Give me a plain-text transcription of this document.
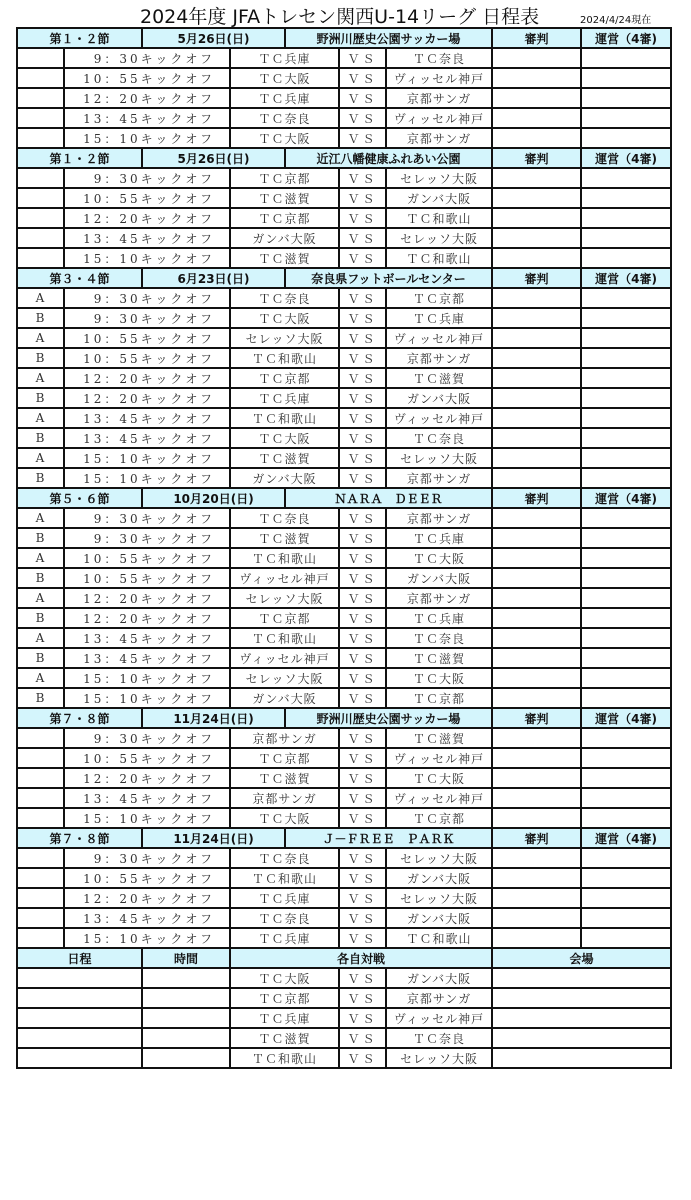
2024年度 JFAトレセン関西U-14リーグ 日程表	2024/4/24現在
第１・２節		5月26日(日)		野洲川歴史公園サッカー場			審判	運営（4審)
	9：30キックオフ		ＴＣ兵庫		ＶＳ	ＴＣ奈良		
	10：55キックオフ		ＴＣ大阪		ＶＳ	ヴィッセル神戸		
	12：20キックオフ		ＴＣ兵庫		ＶＳ	京都サンガ		
	13：45キックオフ		ＴＣ奈良		ＶＳ	ヴィッセル神戸		
	15：10キックオフ		ＴＣ大阪		ＶＳ	京都サンガ		
第１・２節		5月26日(日)		近江八幡健康ふれあい公園			審判	運営（4審)
	9：30キックオフ		ＴＣ京都		ＶＳ	セレッソ大阪		
	10：55キックオフ		ＴＣ滋賀		ＶＳ	ガンバ大阪		
	12：20キックオフ		ＴＣ京都		ＶＳ	ＴＣ和歌山		
	13：45キックオフ		ガンバ大阪		ＶＳ	セレッソ大阪		
	15：10キックオフ		ＴＣ滋賀		ＶＳ	ＴＣ和歌山		
第３・４節		6月23日(日)		奈良県フットボールセンター			審判	運営（4審)
A	9：30キックオフ		ＴＣ奈良		ＶＳ	ＴＣ京都		
B	9：30キックオフ		ＴＣ大阪		ＶＳ	ＴＣ兵庫		
A	10：55キックオフ		セレッソ大阪		ＶＳ	ヴィッセル神戸		
B	10：55キックオフ		ＴＣ和歌山		ＶＳ	京都サンガ		
A	12：20キックオフ		ＴＣ京都		ＶＳ	ＴＣ滋賀		
B	12：20キックオフ		ＴＣ兵庫		ＶＳ	ガンバ大阪		
A	13：45キックオフ		ＴＣ和歌山		ＶＳ	ヴィッセル神戸		
B	13：45キックオフ		ＴＣ大阪		ＶＳ	ＴＣ奈良		
A	15：10キックオフ		ＴＣ滋賀		ＶＳ	セレッソ大阪		
B	15：10キックオフ		ガンバ大阪		ＶＳ	京都サンガ		
第５・６節		10月20日(日)		ＮＡＲＡ　ＤＥＥＲ			審判	運営（4審)
A	9：30キックオフ		ＴＣ奈良		ＶＳ	京都サンガ		
B	9：30キックオフ		ＴＣ滋賀		ＶＳ	ＴＣ兵庫		
A	10：55キックオフ		ＴＣ和歌山		ＶＳ	ＴＣ大阪		
B	10：55キックオフ		ヴィッセル神戸		ＶＳ	ガンバ大阪		
A	12：20キックオフ		セレッソ大阪		ＶＳ	京都サンガ		
B	12：20キックオフ		ＴＣ京都		ＶＳ	ＴＣ兵庫		
A	13：45キックオフ		ＴＣ和歌山		ＶＳ	ＴＣ奈良		
B	13：45キックオフ		ヴィッセル神戸		ＶＳ	ＴＣ滋賀		
A	15：10キックオフ		セレッソ大阪		ＶＳ	ＴＣ大阪		
B	15：10キックオフ		ガンバ大阪		ＶＳ	ＴＣ京都		
第７・８節		11月24日(日)		野洲川歴史公園サッカー場			審判	運営（4審)
	9：30キックオフ		京都サンガ		ＶＳ	ＴＣ滋賀		
	10：55キックオフ		ＴＣ京都		ＶＳ	ヴィッセル神戸		
	12：20キックオフ		ＴＣ滋賀		ＶＳ	ＴＣ大阪		
	13：45キックオフ		京都サンガ		ＶＳ	ヴィッセル神戸		
	15：10キックオフ		ＴＣ大阪		ＶＳ	ＴＣ京都		
第７・８節		11月24日(日)		Ｊ－ＦＲＥＥ　ＰＡＲＫ			審判	運営（4審)
	9：30キックオフ		ＴＣ奈良		ＶＳ	セレッソ大阪		
	10：55キックオフ		ＴＣ和歌山		ＶＳ	ガンバ大阪		
	12：20キックオフ		ＴＣ兵庫		ＶＳ	セレッソ大阪		
	13：45キックオフ		ＴＣ奈良		ＶＳ	ガンバ大阪		
	15：10キックオフ		ＴＣ兵庫		ＶＳ	ＴＣ和歌山		
日程		時間	各自対戦				会場	
			ＴＣ大阪		ＶＳ	ガンバ大阪		
			ＴＣ京都		ＶＳ	京都サンガ		
			ＴＣ兵庫		ＶＳ	ヴィッセル神戸		
			ＴＣ滋賀		ＶＳ	ＴＣ奈良		
			ＴＣ和歌山		ＶＳ	セレッソ大阪		
